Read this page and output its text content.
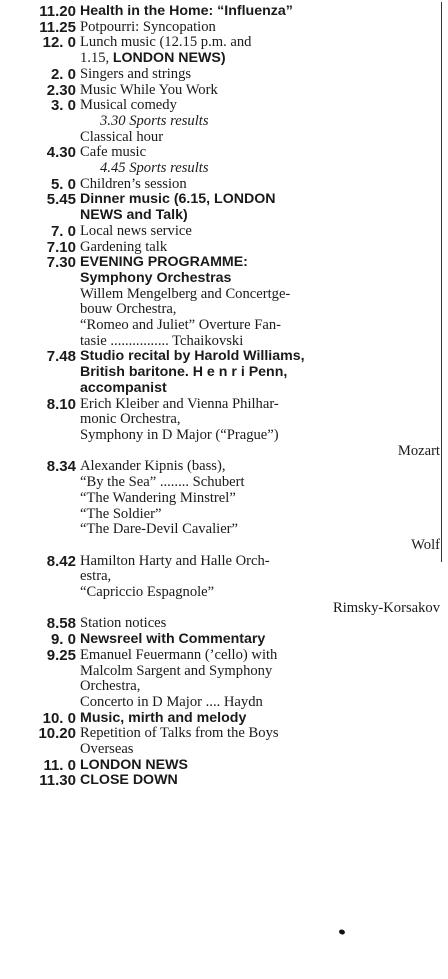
11.20 Health in the Home: “Influenza”
11.25 Potpourri: Syncopation
12. 0 Lunch music (12.15 p.m. and
1.15, LONDON NEWS)
2. 0 Singers and strings
2.30 Music While You Work
3. 0 Musical comedy
3.30 Sports results
Classical hour
4.30 Cafe music
4.45 Sports results
5. 0 Children’s session
5.45 Dinner music (6.15, LONDON
NEWS and Talk)
7. 0 Local news service
7.10 Gardening talk
7.30 EVENING PROGRAMME:
Symphony Orchestras
Willem Mengelberg and Concertge-
bouw Orchestra,
“Romeo and Juliet” Overture Fan-
tasie ................ Tchaikovski
7.48 Studio recital by Harold Williams,
British baritone. H e n r i Penn,
accompanist
8.10 Erich Kleiber and Vienna Philhar-
monic Orchestra,
Symphony in D Major (“Prague”)
Mozart
8.34 Alexander Kipnis (bass),
“By the Sea” ........ Schubert
“The Wandering Minstrel”
“The Soldier”
“The Dare-Devil Cavalier”
Wolf
8.42 Hamilton Harty and Halle Orch-
estra,
“Capriccio Espagnole”
Rimsky-Korsakov
8.58 Station notices
9. 0 Newsreel with Commentary
9.25 Emanuel Feuermann (’cello) with
Malcolm Sargent and Symphony
Orchestra,
Concerto in D Major .... Haydn
10. 0 Music, mirth and melody
10.20 Repetition of Talks from the Boys
Overseas
11. 0 LONDON NEWS
11.30 CLOSE DOWN
